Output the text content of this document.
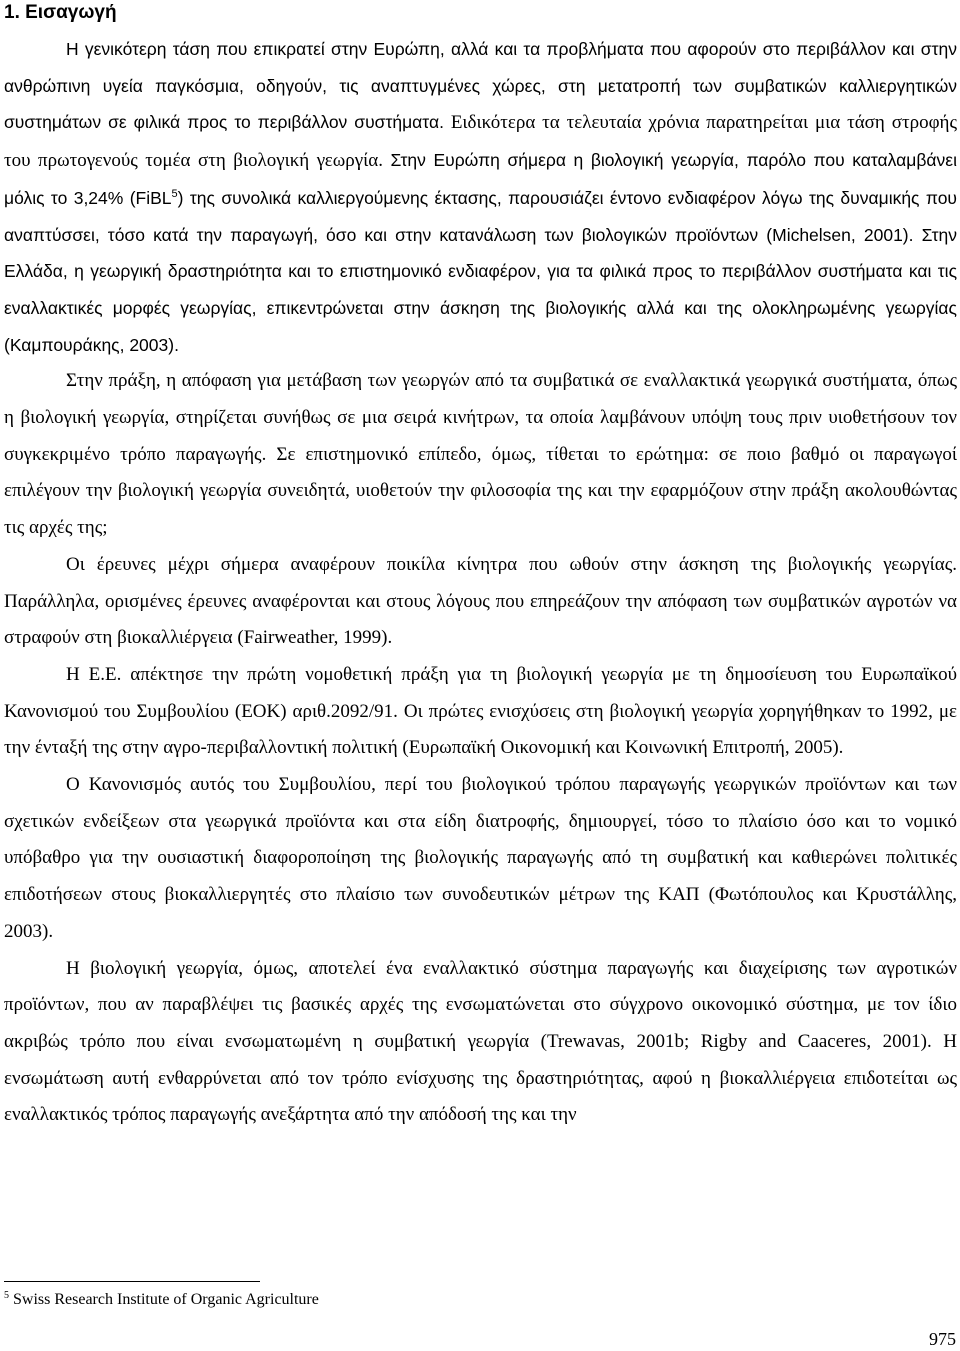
1. Εισαγωγή

Η γενικότερη τάση που επικρατεί στην Ευρώπη, αλλά και τα προβλήματα που αφορούν στο περιβάλλον και στην ανθρώπινη υγεία παγκόσμια, οδηγούν, τις αναπτυγμένες χώρες, στη μετατροπή των συμβατικών καλλιεργητικών συστημάτων σε φιλικά προς το περιβάλλον συστήματα. Ειδικότερα τα τελευταία χρόνια παρατηρείται μια τάση στροφής του πρωτογενούς τομέα στη βιολογική γεωργία. Στην Ευρώπη σήμερα η βιολογική γεωργία, παρόλο που καταλαμβάνει μόλις το 3,24% (FiBL$^5$) της συνολικά καλλιεργούμενης έκτασης, παρουσιάζει έντονο ενδιαφέρον λόγω της δυναμικής που αναπτύσσει, τόσο κατά την παραγωγή, όσο και στην κατανάλωση των βιολογικών προϊόντων (Michelsen, 2001). Στην Ελλάδα, η γεωργική δραστηριότητα και το επιστημονικό ενδιαφέρον, για τα φιλικά προς το περιβάλλον συστήματα και τις εναλλακτικές μορφές γεωργίας, επικεντρώνεται στην άσκηση της βιολογικής αλλά και της ολοκληρωμένης γεωργίας (Καμπουράκης, 2003).

Στην πράξη, η απόφαση για μετάβαση των γεωργών από τα συμβατικά σε εναλλακτικά γεωργικά συστήματα, όπως η βιολογική γεωργία, στηρίζεται συνήθως σε μια σειρά κινήτρων, τα οποία λαμβάνουν υπόψη τους πριν υιοθετήσουν τον συγκεκριμένο τρόπο παραγωγής. Σε επιστημονικό επίπεδο, όμως, τίθεται το ερώτημα: σε ποιο βαθμό οι παραγωγοί επιλέγουν την βιολογική γεωργία συνειδητά, υιοθετούν την φιλοσοφία της και την εφαρμόζουν στην πράξη ακολουθώντας τις αρχές της;

Οι έρευνες μέχρι σήμερα αναφέρουν ποικίλα κίνητρα που ωθούν στην άσκηση της βιολογικής γεωργίας. Παράλληλα, ορισμένες έρευνες αναφέρονται και στους λόγους που επηρεάζουν την απόφαση των συμβατικών αγροτών να στραφούν στη βιοκαλλιέργεια (Fairweather, 1999).

Η Ε.Ε. απέκτησε την πρώτη νομοθετική πράξη για τη βιολογική γεωργία με τη δημοσίευση του Ευρωπαϊκού Κανονισμού του Συμβουλίου (ΕΟΚ) αριθ.2092/91. Οι πρώτες ενισχύσεις στη βιολογική γεωργία χορηγήθηκαν το 1992, με την ένταξή της στην αγρο-περιβαλλοντική πολιτική (Ευρωπαϊκή Οικονομική και Κοινωνική Επιτροπή, 2005).

Ο Κανονισμός αυτός του Συμβουλίου, περί του βιολογικού τρόπου παραγωγής γεωργικών προϊόντων και των σχετικών ενδείξεων στα γεωργικά προϊόντα και στα είδη διατροφής, δημιουργεί, τόσο το πλαίσιο όσο και το νομικό υπόβαθρο για την ουσιαστική διαφοροποίηση της βιολογικής παραγωγής από τη συμβατική και καθιερώνει πολιτικές επιδοτήσεων στους βιοκαλλιεργητές στο πλαίσιο των συνοδευτικών μέτρων της ΚΑΠ (Φωτόπουλος και Κρυστάλλης, 2003).

Η βιολογική γεωργία, όμως, αποτελεί ένα εναλλακτικό σύστημα παραγωγής και διαχείρισης των αγροτικών προϊόντων, που αν παραβλέψει τις βασικές αρχές της ενσωματώνεται στο σύγχρονο οικονομικό σύστημα, με τον ίδιο ακριβώς τρόπο που είναι ενσωματωμένη η συμβατική γεωργία (Trewavas, 2001b; Rigby and Caaceres, 2001). Η ενσωμάτωση αυτή ενθαρρύνεται από τον τρόπο ενίσχυσης της δραστηριότητας, αφού η βιοκαλλιέργεια επιδοτείται ως εναλλακτικός τρόπος παραγωγής ανεξάρτητα από την απόδοσή της και την

$^5$ Swiss Research Institute of Organic Agriculture
975
